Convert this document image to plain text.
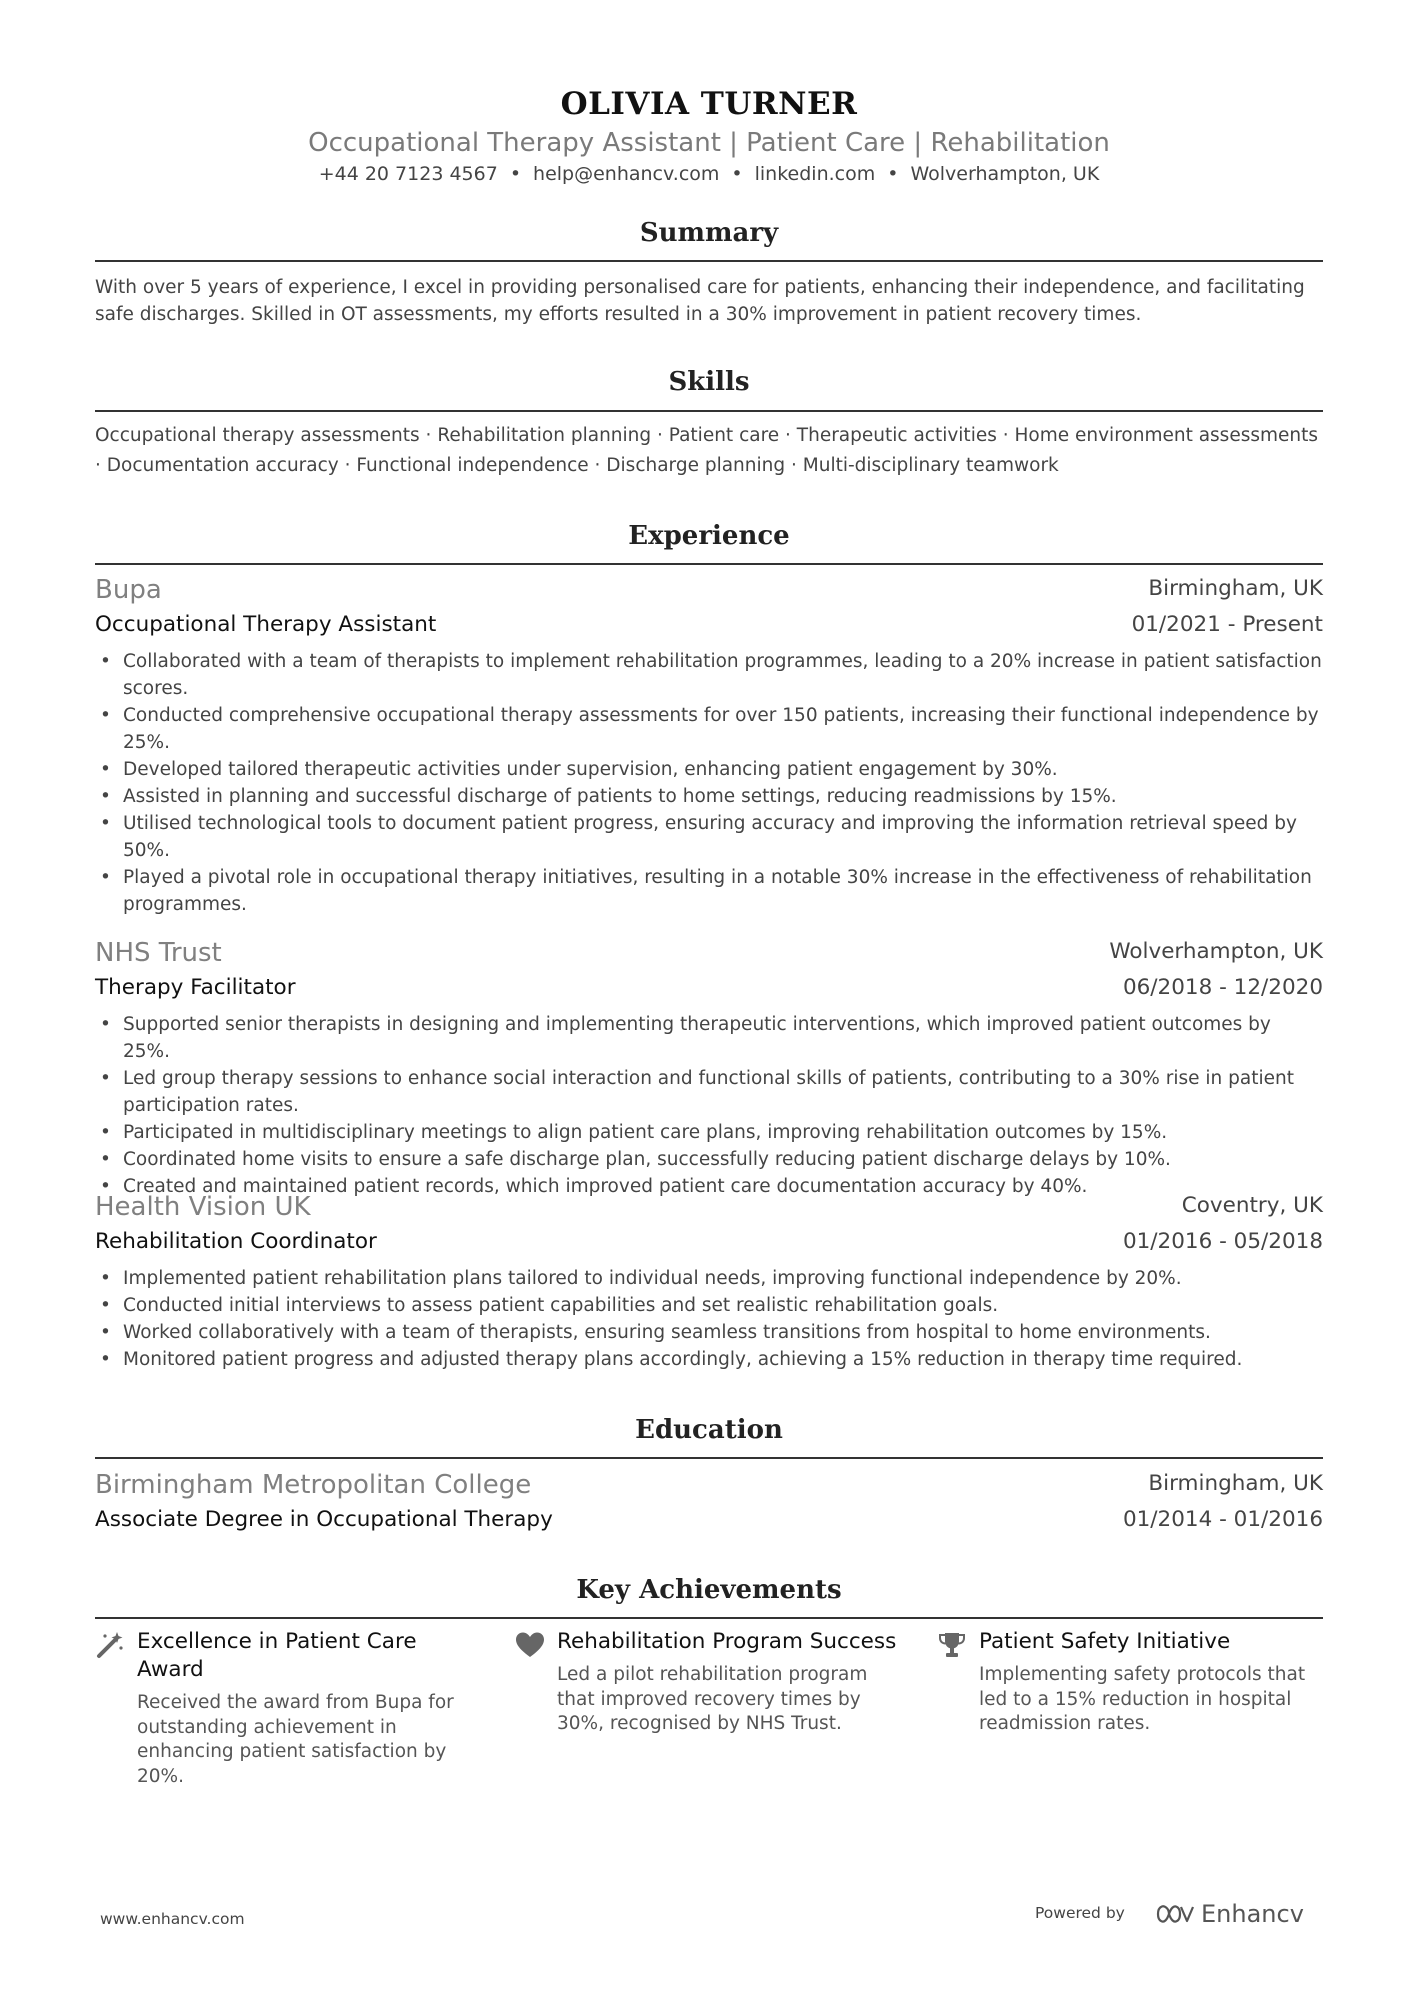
OLIVIA TURNER
Occupational Therapy Assistant | Patient Care | Rehabilitation
+44 20 7123 4567 • help@enhancv.com • linkedin.com • Wolverhampton, UK
Summary
With over 5 years of experience, I excel in providing personalised care for patients, enhancing their independence, and facilitating safe discharges. Skilled in OT assessments, my efforts resulted in a 30% improvement in patient recovery times.
Skills
Occupational therapy assessments · Rehabilitation planning · Patient care · Therapeutic activities · Home environment assessments · Documentation accuracy · Functional independence · Discharge planning · Multi-disciplinary teamwork
Experience
Bupa	Birmingham, UK
Occupational Therapy Assistant	01/2021 - Present
• Collaborated with a team of therapists to implement rehabilitation programmes, leading to a 20% increase in patient satisfaction scores.
• Conducted comprehensive occupational therapy assessments for over 150 patients, increasing their functional independence by 25%.
• Developed tailored therapeutic activities under supervision, enhancing patient engagement by 30%.
• Assisted in planning and successful discharge of patients to home settings, reducing readmissions by 15%.
• Utilised technological tools to document patient progress, ensuring accuracy and improving the information retrieval speed by 50%.
• Played a pivotal role in occupational therapy initiatives, resulting in a notable 30% increase in the effectiveness of rehabilitation programmes.
NHS Trust	Wolverhampton, UK
Therapy Facilitator	06/2018 - 12/2020
• Supported senior therapists in designing and implementing therapeutic interventions, which improved patient outcomes by 25%.
• Led group therapy sessions to enhance social interaction and functional skills of patients, contributing to a 30% rise in patient participation rates.
• Participated in multidisciplinary meetings to align patient care plans, improving rehabilitation outcomes by 15%.
• Coordinated home visits to ensure a safe discharge plan, successfully reducing patient discharge delays by 10%.
• Created and maintained patient records, which improved patient care documentation accuracy by 40%.
Health Vision UK	Coventry, UK
Rehabilitation Coordinator	01/2016 - 05/2018
• Implemented patient rehabilitation plans tailored to individual needs, improving functional independence by 20%.
• Conducted initial interviews to assess patient capabilities and set realistic rehabilitation goals.
• Worked collaboratively with a team of therapists, ensuring seamless transitions from hospital to home environments.
• Monitored patient progress and adjusted therapy plans accordingly, achieving a 15% reduction in therapy time required.
Education
Birmingham Metropolitan College	Birmingham, UK
Associate Degree in Occupational Therapy	01/2014 - 01/2016
Key Achievements
Excellence in Patient Care Award
Received the award from Bupa for outstanding achievement in enhancing patient satisfaction by 20%.
Rehabilitation Program Success
Led a pilot rehabilitation program that improved recovery times by 30%, recognised by NHS Trust.
Patient Safety Initiative
Implementing safety protocols that led to a 15% reduction in hospital readmission rates.
www.enhancv.com	Powered by	Enhancv
